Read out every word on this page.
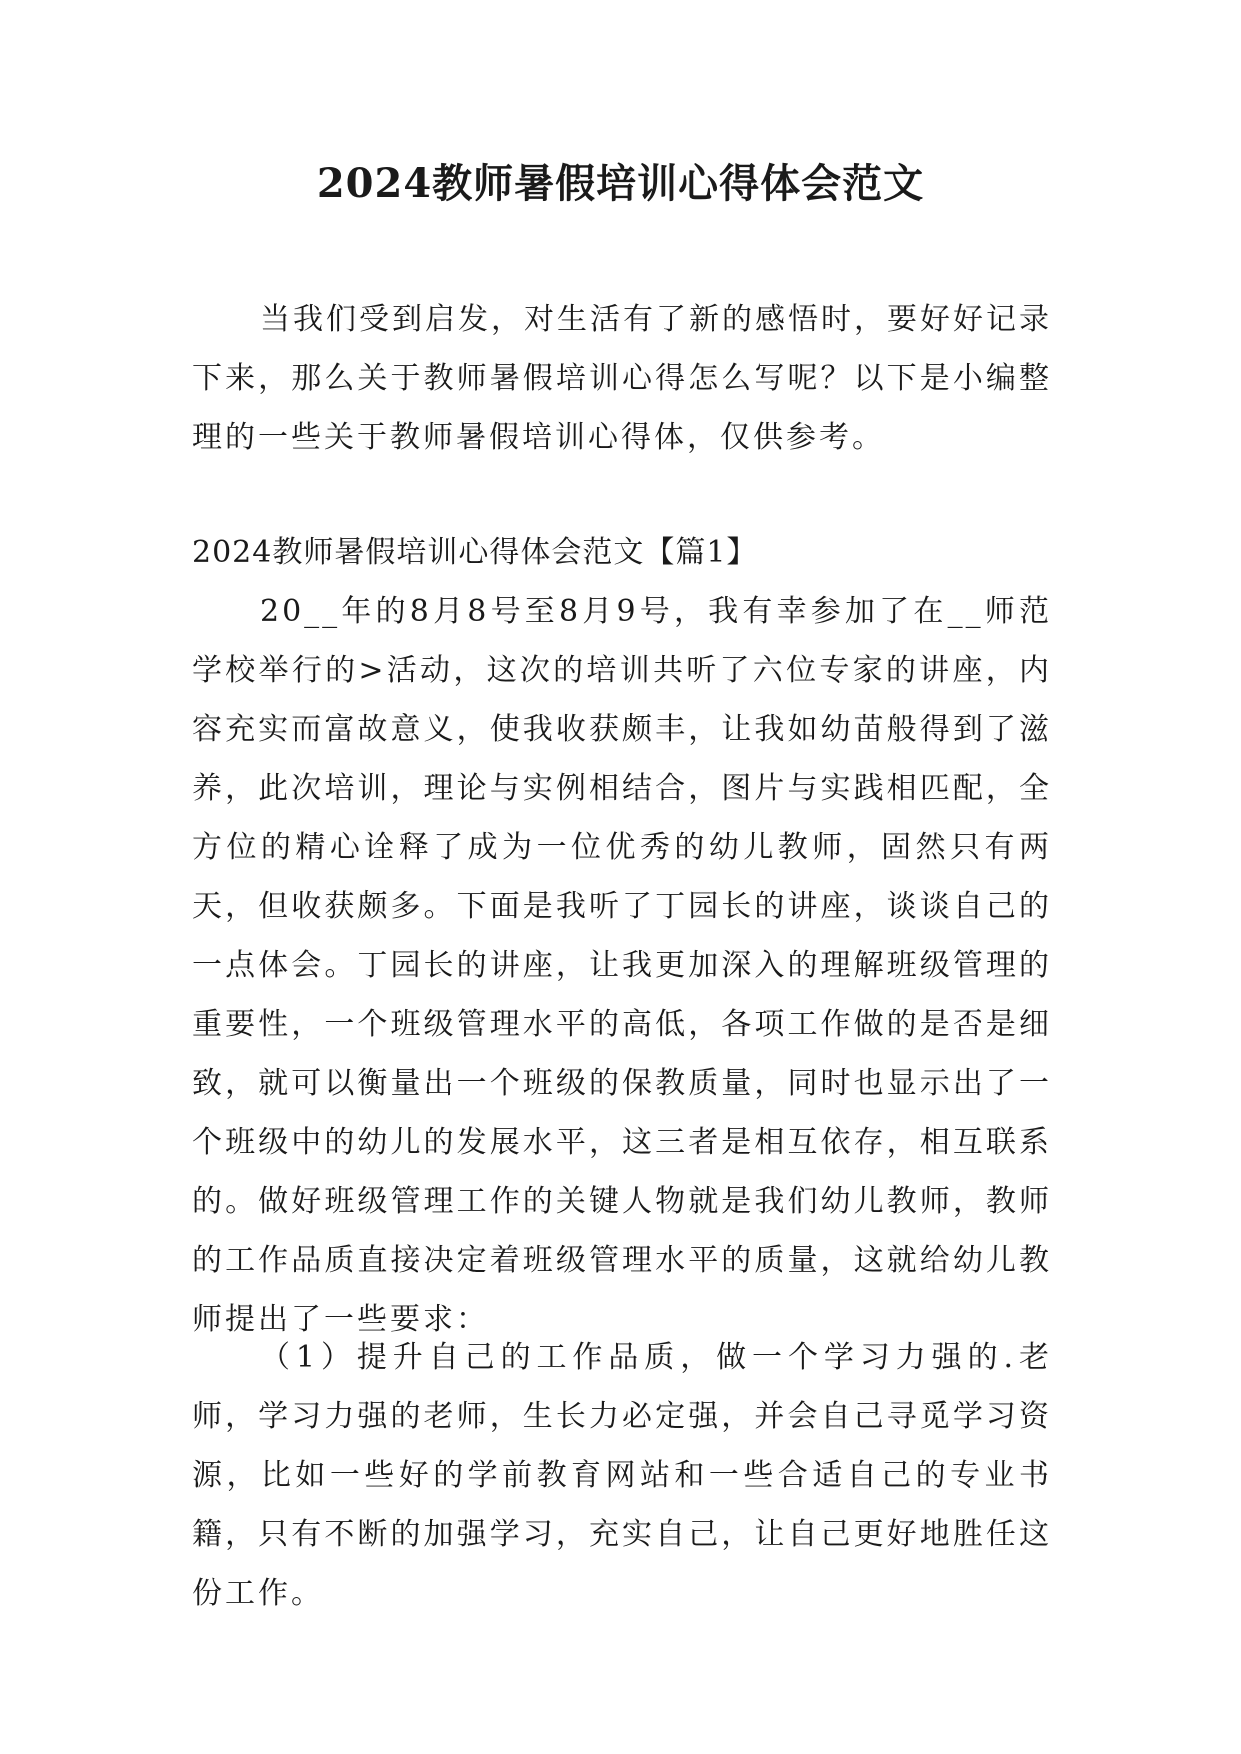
2024教师暑假培训心得体会范文

当我们受到启发，对生活有了新的感悟时，要好好记录下来，那么关于教师暑假培训心得怎么写呢？以下是小编整理的一些关于教师暑假培训心得体，仅供参考。

2024教师暑假培训心得体会范文【篇1】

20__年的8月8号至8月9号，我有幸参加了在__师范学校举行的>活动，这次的培训共听了六位专家的讲座，内容充实而富故意义，使我收获颇丰，让我如幼苗般得到了滋养，此次培训，理论与实例相结合，图片与实践相匹配，全方位的精心诠释了成为一位优秀的幼儿教师，固然只有两天，但收获颇多。下面是我听了丁园长的讲座，谈谈自己的一点体会。丁园长的讲座，让我更加深入的理解班级管理的重要性，一个班级管理水平的高低，各项工作做的是否是细致，就可以衡量出一个班级的保教质量，同时也显示出了一个班级中的幼儿的发展水平，这三者是相互依存，相互联系的。做好班级管理工作的关键人物就是我们幼儿教师，教师的工作品质直接决定着班级管理水平的质量，这就给幼儿教师提出了一些要求：

（1）提升自己的工作品质，做一个学习力强的.老师，学习力强的老师，生长力必定强，并会自己寻觅学习资源，比如一些好的学前教育网站和一些合适自己的专业书籍，只有不断的加强学习，充实自己，让自己更好地胜任这份工作。
